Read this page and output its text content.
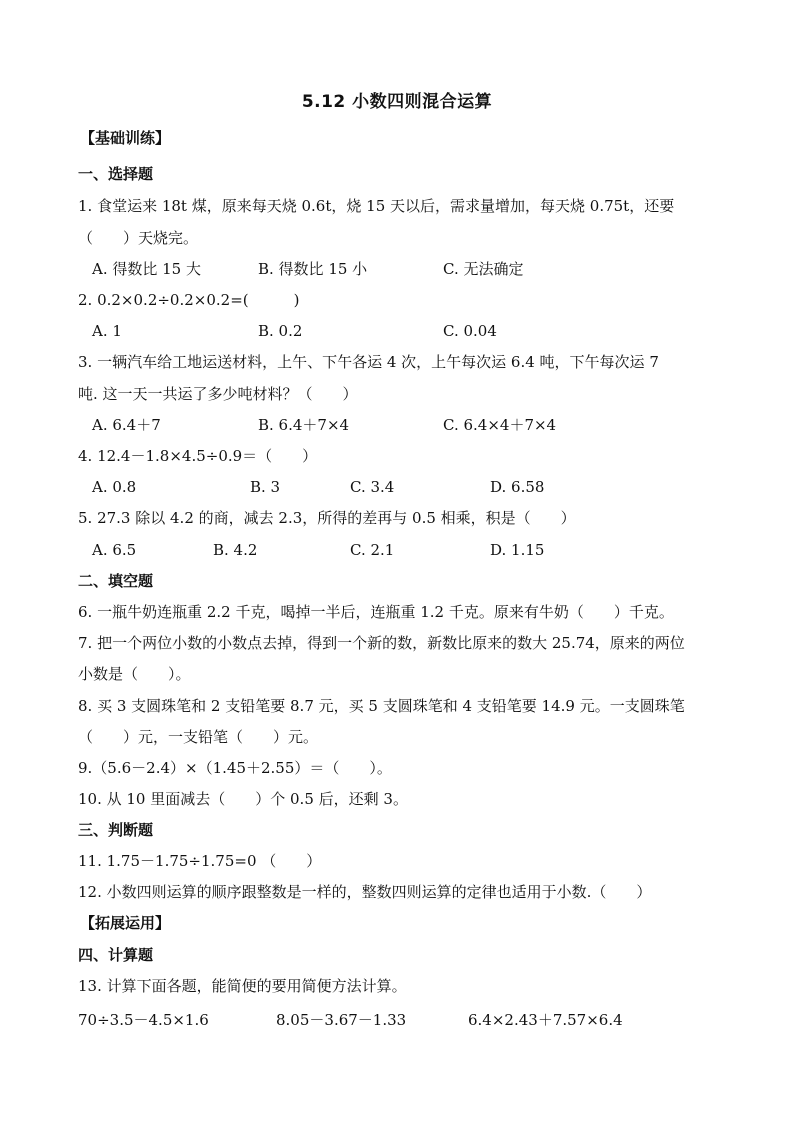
5.12 小数四则混合运算
【基础训练】
一、选择题
1. 食堂运来 18t 煤，原来每天烧 0.6t，烧 15 天以后，需求量增加，每天烧 0.75t，还要
（　　）天烧完。
A. 得数比 15 大	B. 得数比 15 小	C. 无法确定
2. 0.2×0.2÷0.2×0.2=(　　　)
A. 1	B. 0.2	C. 0.04
3. 一辆汽车给工地运送材料，上午、下午各运 4 次，上午每次运 6.4 吨，下午每次运 7
吨. 这一天一共运了多少吨材料？（　　）
A. 6.4＋7	B. 6.4＋7×4	C. 6.4×4＋7×4
4. 12.4－1.8×4.5÷0.9＝（　　）
A. 0.8	B. 3	C. 3.4	D. 6.58
5. 27.3 除以 4.2 的商，减去 2.3，所得的差再与 0.5 相乘，积是（　　）
A. 6.5	B. 4.2	C. 2.1	D. 1.15
二、填空题
6. 一瓶牛奶连瓶重 2.2 千克，喝掉一半后，连瓶重 1.2 千克。原来有牛奶（　　）千克。
7. 把一个两位小数的小数点去掉，得到一个新的数，新数比原来的数大 25.74，原来的两位
小数是（　　）。
8. 买 3 支圆珠笔和 2 支铅笔要 8.7 元，买 5 支圆珠笔和 4 支铅笔要 14.9 元。一支圆珠笔
（　　）元，一支铅笔（　　）元。
9.（5.6－2.4）×（1.45＋2.55）＝（　　）。
10. 从 10 里面减去（　　）个 0.5 后，还剩 3。
三、判断题
11. 1.75－1.75÷1.75=0 （　　）
12. 小数四则运算的顺序跟整数是一样的，整数四则运算的定律也适用于小数.（　　）
【拓展运用】
四、计算题
13. 计算下面各题，能简便的要用简便方法计算。
70÷3.5－4.5×1.6	8.05－3.67－1.33	6.4×2.43＋7.57×6.4
